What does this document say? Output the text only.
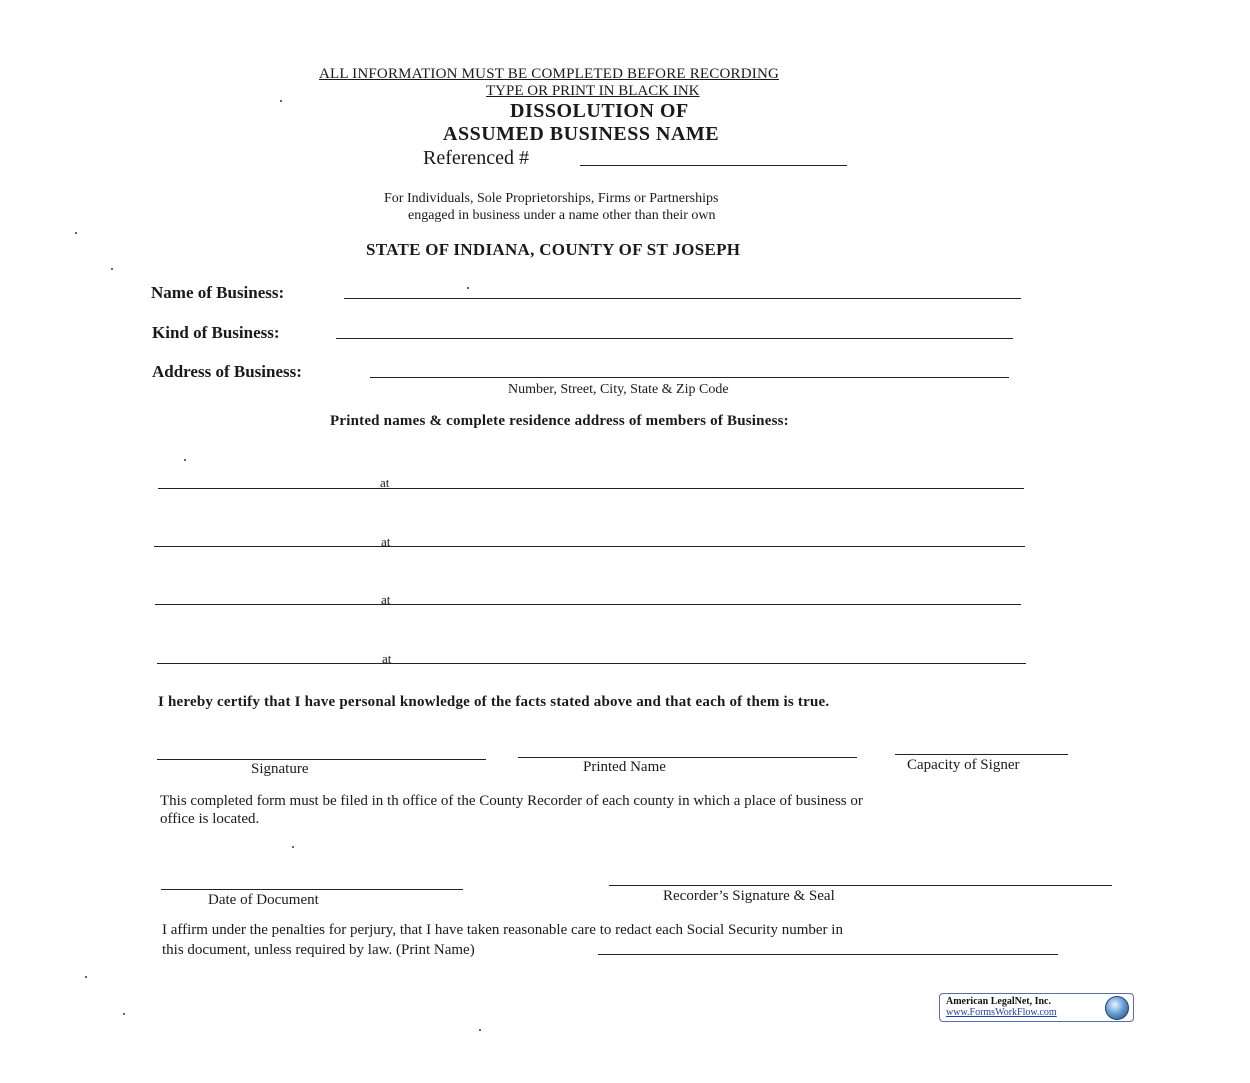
ALL INFORMATION MUST BE COMPLETED BEFORE RECORDING
TYPE OR PRINT IN BLACK INK
DISSOLUTION OF
ASSUMED BUSINESS NAME
Referenced #
For Individuals, Sole Proprietorships, Firms or Partnerships
engaged in business under a name other than their own
STATE OF INDIANA, COUNTY OF ST JOSEPH
Name of Business:
Kind of Business:
Address of Business:
Number, Street, City, State & Zip Code
Printed names & complete residence address of members of Business:
at
at
at
at
I hereby certify that I have personal knowledge of the facts stated above and that each of them is true.
Signature	Printed Name	Capacity of Signer
This completed form must be filed in th office of the County Recorder of each county in which a place of business or
office is located.
Date of Document	Recorder’s Signature & Seal
I affirm under the penalties for perjury, that I have taken reasonable care to redact each Social Security number in
this document, unless required by law. (Print Name)
American LegalNet, Inc.
www.FormsWorkFlow.com
